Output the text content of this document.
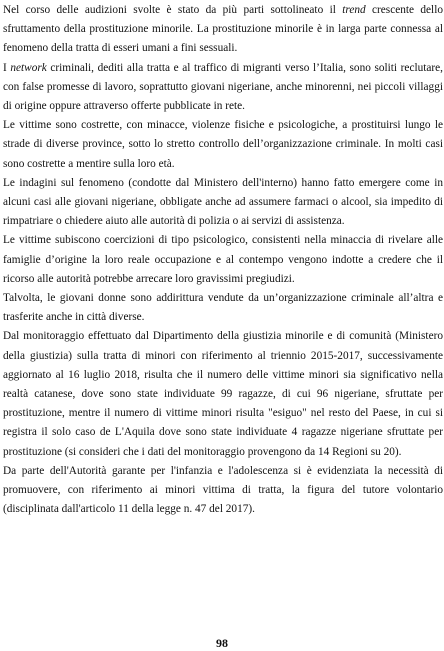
Nel corso delle audizioni svolte è stato da più parti sottolineato il trend crescente dello sfruttamento della prostituzione minorile. La prostituzione minorile è in larga parte connessa al fenomeno della tratta di esseri umani a fini sessuali.

I network criminali, dediti alla tratta e al traffico di migranti verso l’Italia, sono soliti reclutare, con false promesse di lavoro, soprattutto giovani nigeriane, anche minorenni, nei piccoli villaggi di origine oppure attraverso offerte pubblicate in rete.

Le vittime sono costrette, con minacce, violenze fisiche e psicologiche, a prostituirsi lungo le strade di diverse province, sotto lo stretto controllo dell’organizzazione criminale. In molti casi sono costrette a mentire sulla loro età.

Le indagini sul fenomeno (condotte dal Ministero dell'interno) hanno fatto emergere come in alcuni casi alle giovani nigeriane, obbligate anche ad assumere farmaci o alcool, sia impedito di rimpatriare o chiedere aiuto alle autorità di polizia o ai servizi di assistenza.

Le vittime subiscono coercizioni di tipo psicologico, consistenti nella minaccia di rivelare alle famiglie d’origine la loro reale occupazione e al contempo vengono indotte a credere che il ricorso alle autorità potrebbe arrecare loro gravissimi pregiudizi.

Talvolta, le giovani donne sono addirittura vendute da un’organizzazione criminale all’altra e trasferite anche in città diverse.

Dal monitoraggio effettuato dal Dipartimento della giustizia minorile e di comunità (Ministero della giustizia) sulla tratta di minori con riferimento al triennio 2015-2017, successivamente aggiornato al 16 luglio 2018, risulta che il numero delle vittime minori sia significativo nella realtà catanese, dove sono state individuate 99 ragazze, di cui 96 nigeriane, sfruttate per prostituzione, mentre il numero di vittime minori risulta "esiguo" nel resto del Paese, in cui si registra il solo caso de L'Aquila dove sono state individuate 4 ragazze nigeriane sfruttate per prostituzione (si consideri che i dati del monitoraggio provengono da 14 Regioni su 20).

Da parte dell'Autorità garante per l'infanzia e l'adolescenza si è evidenziata la necessità di promuovere, con riferimento ai minori vittima di tratta, la figura del tutore volontario (disciplinata dall'articolo 11 della legge n. 47 del 2017).

98
